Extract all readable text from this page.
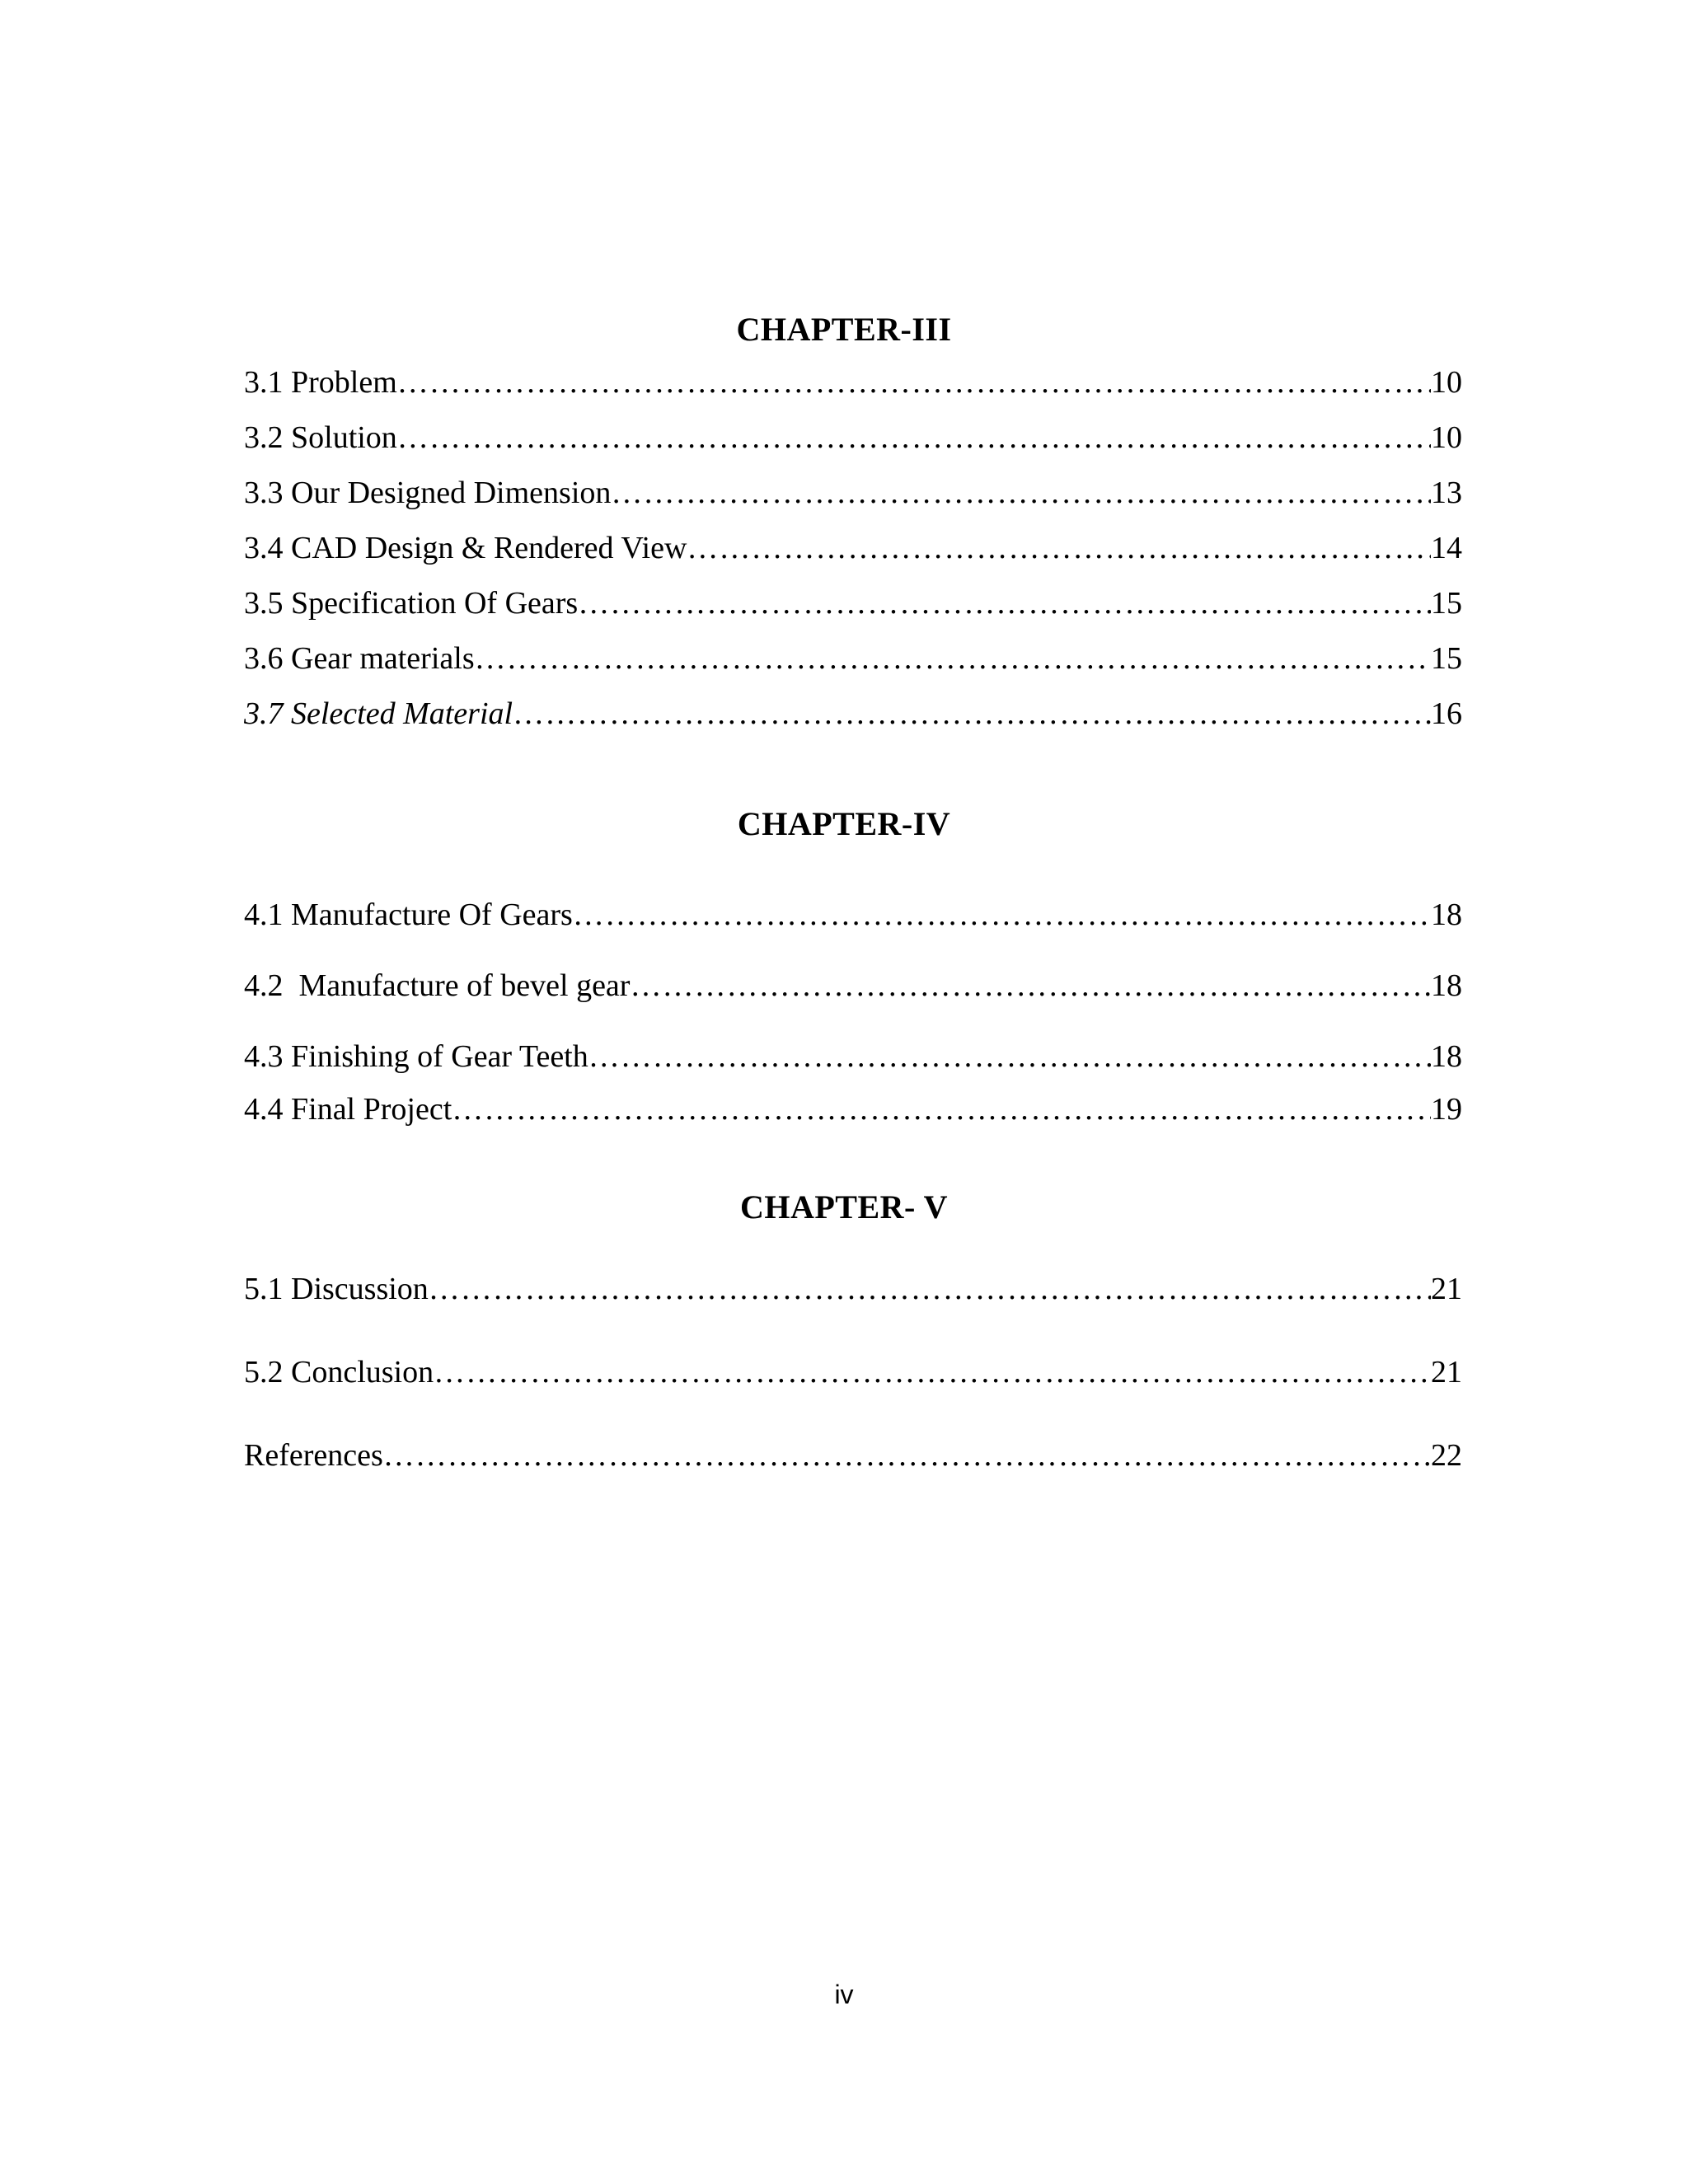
CHAPTER-III
3.1 Problem ……………………………………………………………………………………………………………………………………………………………………………………………………………………	10
3.2 Solution ……………………………………………………………………………………………………………………………………………………………………………………………………………………	10
3.3 Our Designed Dimension ……………………………………………………………………………………………………………………………………………………………………………………………………………………	13
3.4 CAD Design & Rendered View ……………………………………………………………………………………………………………………………………………………………………………………………………………………	14
3.5 Specification Of Gears ……………………………………………………………………………………………………………………………………………………………………………………………………………………	15
3.6 Gear materials ……………………………………………………………………………………………………………………………………………………………………………………………………………………	15
3.7 Selected Material ……………………………………………………………………………………………………………………………………………………………………………………………………………………	16
CHAPTER-IV
4.1 Manufacture Of Gears ……………………………………………………………………………………………………………………………………………………………………………………………………………………	18
4.2  Manufacture of bevel gear ……………………………………………………………………………………………………………………………………………………………………………………………………………………	18
4.3 Finishing of Gear Teeth ……………………………………………………………………………………………………………………………………………………………………………………………………………………	18
4.4 Final Project ……………………………………………………………………………………………………………………………………………………………………………………………………………………	19
CHAPTER- V
5.1 Discussion ……………………………………………………………………………………………………………………………………………………………………………………………………………………	21
5.2 Conclusion ……………………………………………………………………………………………………………………………………………………………………………………………………………………	21
References ……………………………………………………………………………………………………………………………………………………………………………………………………………………	22
iv
